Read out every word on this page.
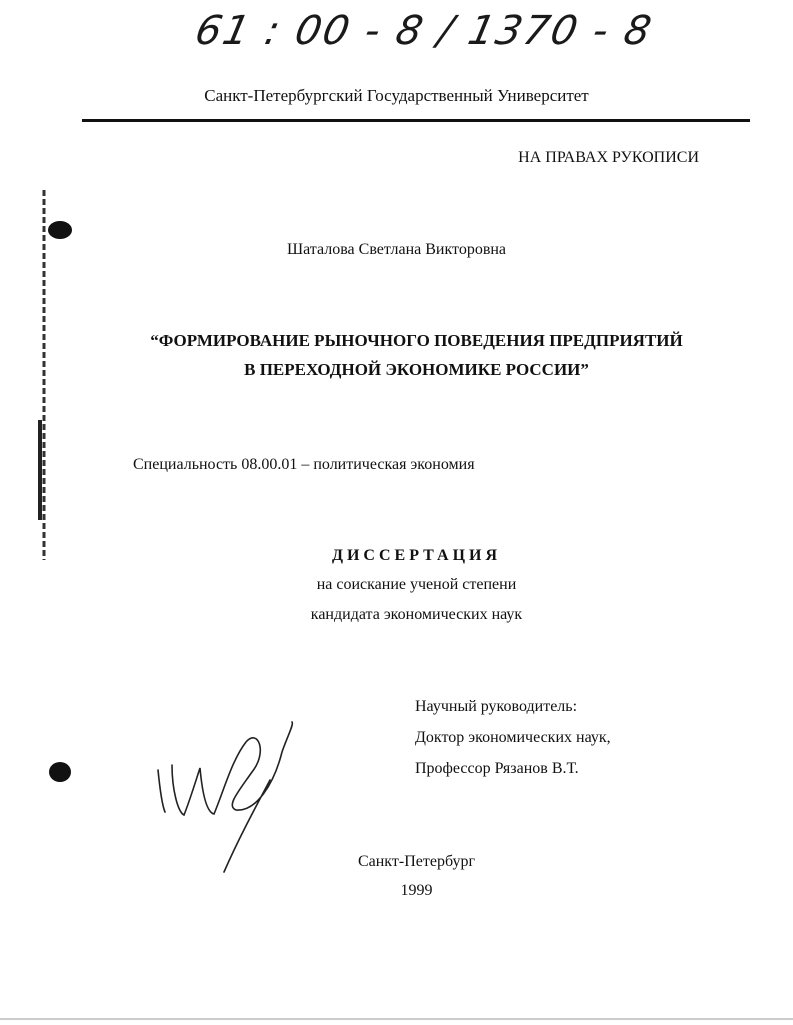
61 : 00 - 8 / 1370 - 8
Санкт-Петербургский Государственный Университет
НА ПРАВАХ РУКОПИСИ
Шаталова Светлана Викторовна
“ФОРМИРОВАНИЕ РЫНОЧНОГО ПОВЕДЕНИЯ ПРЕДПРИЯТИЙ
В ПЕРЕХОДНОЙ ЭКОНОМИКЕ РОССИИ”
Специальность 08.00.01 – политическая экономия
ДИССЕРТАЦИЯ
на соискание ученой степени
кандидата экономических наук
Научный руководитель:
Доктор экономических наук,
Профессор Рязанов В.Т.
Санкт-Петербург
1999
